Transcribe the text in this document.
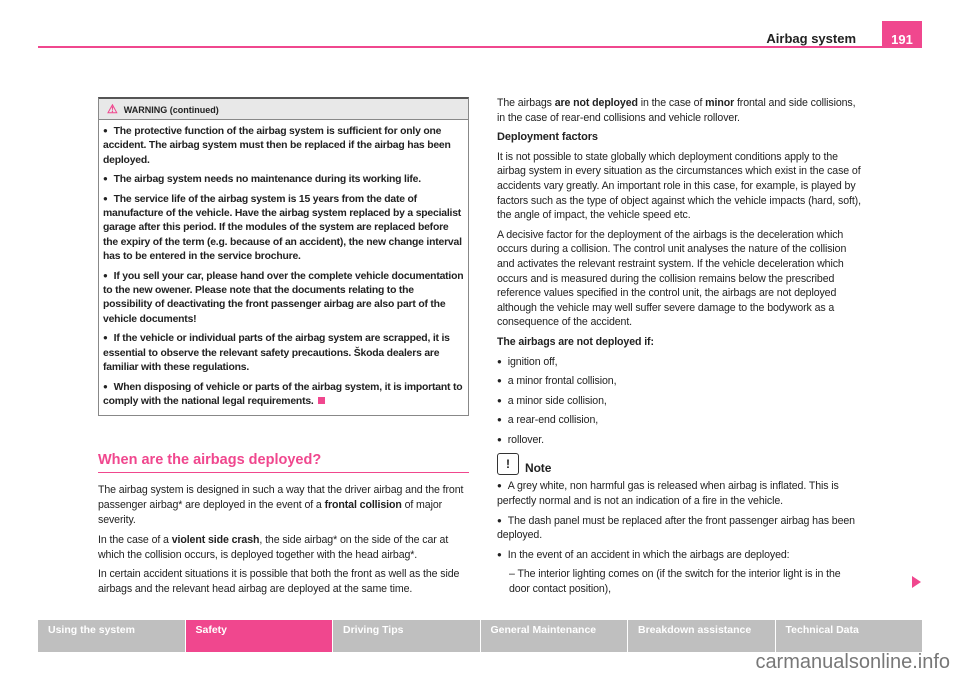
Airbag system	191
⚠ WARNING (continued)

● The protective function of the airbag system is sufficient for only one accident. The airbag system must then be replaced if the airbag has been deployed.

● The airbag system needs no maintenance during its working life.

● The service life of the airbag system is 15 years from the date of manufacture of the vehicle. Have the airbag system replaced by a specialist garage after this period. If the modules of the system are replaced before the expiry of the term (e.g. because of an accident), the new change interval has to be entered in the service brochure.

● If you sell your car, please hand over the complete vehicle documentation to the new owener. Please note that the documents relating to the possibility of deactivating the front passenger airbag are also part of the vehicle documents!

● If the vehicle or individual parts of the airbag system are scrapped, it is essential to observe the relevant safety precautions. Škoda dealers are familiar with these regulations.

● When disposing of vehicle or parts of the airbag system, it is important to comply with the national legal requirements.

When are the airbags deployed?

The airbag system is designed in such a way that the driver airbag and the front passenger airbag* are deployed in the event of a frontal collision of major severity.

In the case of a violent side crash, the side airbag* on the side of the car at which the collision occurs, is deployed together with the head airbag*.

In certain accident situations it is possible that both the front as well as the side airbags and the relevant head airbag are deployed at the same time.

The airbags are not deployed in the case of minor frontal and side collisions, in the case of rear-end collisions and vehicle rollover.

Deployment factors

It is not possible to state globally which deployment conditions apply to the airbag system in every situation as the circumstances which exist in the case of accidents vary greatly. An important role in this case, for example, is played by factors such as the type of object against which the vehicle impacts (hard, soft), the angle of impact, the vehicle speed etc.

A decisive factor for the deployment of the airbags is the deceleration which occurs during a collision. The control unit analyses the nature of the collision and activates the relevant restraint system. If the vehicle deceleration which occurs and is measured during the collision remains below the prescribed reference values specified in the control unit, the airbags are not deployed although the vehicle may well suffer severe damage to the bodywork as a consequence of the accident.

The airbags are not deployed if:

● ignition off,

● a minor frontal collision,

● a minor side collision,

● a rear-end collision,

● rollover.

!	Note

● A grey white, non harmful gas is released when airbag is inflated. This is perfectly normal and is not an indication of a fire in the vehicle.

● The dash panel must be replaced after the front passenger airbag has been deployed.

● In the event of an accident in which the airbags are deployed:

– The interior lighting comes on (if the switch for the interior light is in the door contact position),

Using the system	Safety	Driving Tips	General Maintenance	Breakdown assistance	Technical Data
carmanualsonline.info
